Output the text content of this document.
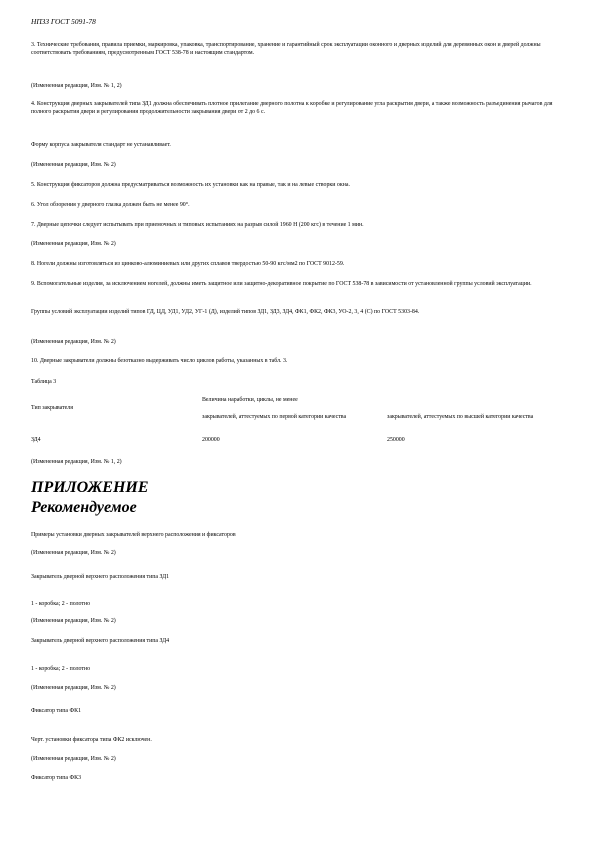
НПЗЗ ГОСТ 5091-78

3. Технические требования, правила приемки, маркировка, упаковка, транспортирование, хранение и гарантийный срок эксплуатации оконного и дверных изделий для деревянных окон и дверей должны соответствовать требованиям, предусмотренным ГОСТ 538-78 и настоящим стандартом.

(Измененная редакция, Изм. № 1, 2)

4. Конструкция дверных закрывателей типа ЗД1 должна обеспечивать плотное прилегание дверного полотна к коробке и регулирование угла раскрытия двери, а также возможность разъединения рычагов для полного раскрытия двери и регулирования продолжительности закрывания двери от 2 до 6 с.

Форму корпуса закрывателя стандарт не устанавливает.

(Измененная редакция, Изм. № 2)

5. Конструкция фиксаторов должна предусматриваться возможность их установки как на правые, так и на левые створки окна.

6. Угол обзорения у дверного глазка должен быть не менее 90°.

7. Дверные цепочки следует испытывать при приемочных и типовых испытаниях на разрыв силой 1960 Н (200 кгс) в течение 1 мин.

(Измененная редакция, Изм. № 2)

8. Ногели должны изготовляться из цинково-алюминиевых или других сплавов твердостью 50-90 кгс/мм2 по ГОСТ 9012-59.

9. Вспомогательные изделия, за исключением ногелей, должны иметь защитное или защитно-декоративное покрытие по ГОСТ 538-78 в зависимости от установленной группы условий эксплуатации.

Группы условий эксплуатации изделий типов ГД, ЦД, УД1, УД2, УГ-1 (Д), изделий типов ЗД1, ЗД3, ЗД4, ФК1, ФК2, ФК3, УО-2, 3, 4 (С) по ГОСТ 5303-84.

(Измененная редакция, Изм. № 2)

10. Дверные закрыватели должны безотказно выдерживать число циклов работы, указанных в табл. 3.

Таблица 3

Тип закрывателя
Величина наработки, циклы, не менее
закрывателей, аттестуемых по первой категории качества	закрывателей, аттестуемых по высшей категории качества
ЗД4	200000	250000

(Измененная редакция, Изм. № 1, 2)

ПРИЛОЖЕНИЕ
Рекомендуемое

Примеры установки дверных закрывателей верхнего расположения и фиксаторов

(Измененная редакция, Изм. № 2)

Закрыватель дверной верхнего расположения типа ЗД1

1 - коробка; 2 - полотно

(Измененная редакция, Изм. № 2)

Закрыватель дверной верхнего расположения типа ЗД4

1 - коробка; 2 - полотно

(Измененная редакция, Изм. № 2)

Фиксатор типа ФК1

Черт. установки фиксатора типа ФК2 исключен.

(Измененная редакция, Изм. № 2)

Фиксатор типа ФК3
